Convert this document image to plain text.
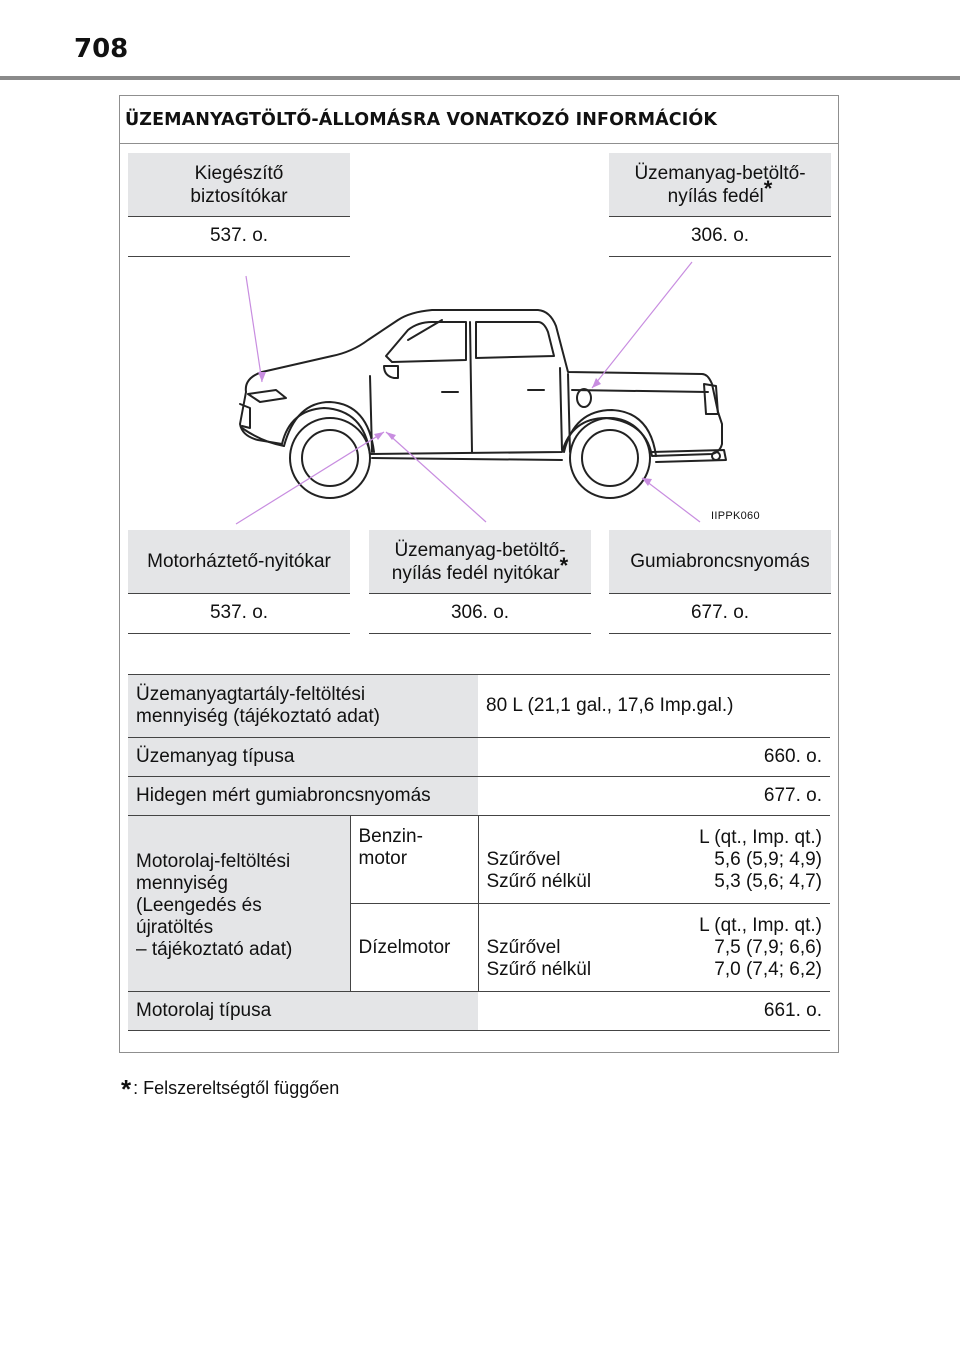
708
ÜZEMANYAGTÖLTŐ-ÁLLOMÁSRA VONATKOZÓ INFORMÁCIÓK
Kiegészítő
biztosítókar
537. o.
Üzemanyag-betöltő-
nyílás fedél*
306. o.
IIPPK060
Motorháztető-nyitókar
537. o.
Üzemanyag-betöltő-
nyílás fedél nyitókar*
306. o.
Gumiabroncsnyomás
677. o.
Üzemanyagtartály-feltöltési
mennyiség (tájékoztató adat)	80 L (21,1 gal., 17,6 Imp.gal.)
Üzemanyag típusa	660. o.
Hidegen mért gumiabroncsnyomás	677. o.
Motorolaj-feltöltési
mennyiség
(Leengedés és
újratöltés
– tájékoztató adat)	Benzin-
motor	
	L (qt., Imp. qt.)
Szűrővel	5,6 (5,9; 4,9)
Szűrő nélkül	5,3 (5,6; 4,7)

Dízelmotor	
	L (qt., Imp. qt.)
Szűrővel	7,5 (7,9; 6,6)
Szűrő nélkül	7,0 (7,4; 6,2)

Motorolaj típusa	661. o.
* : Felszereltségtől függően
